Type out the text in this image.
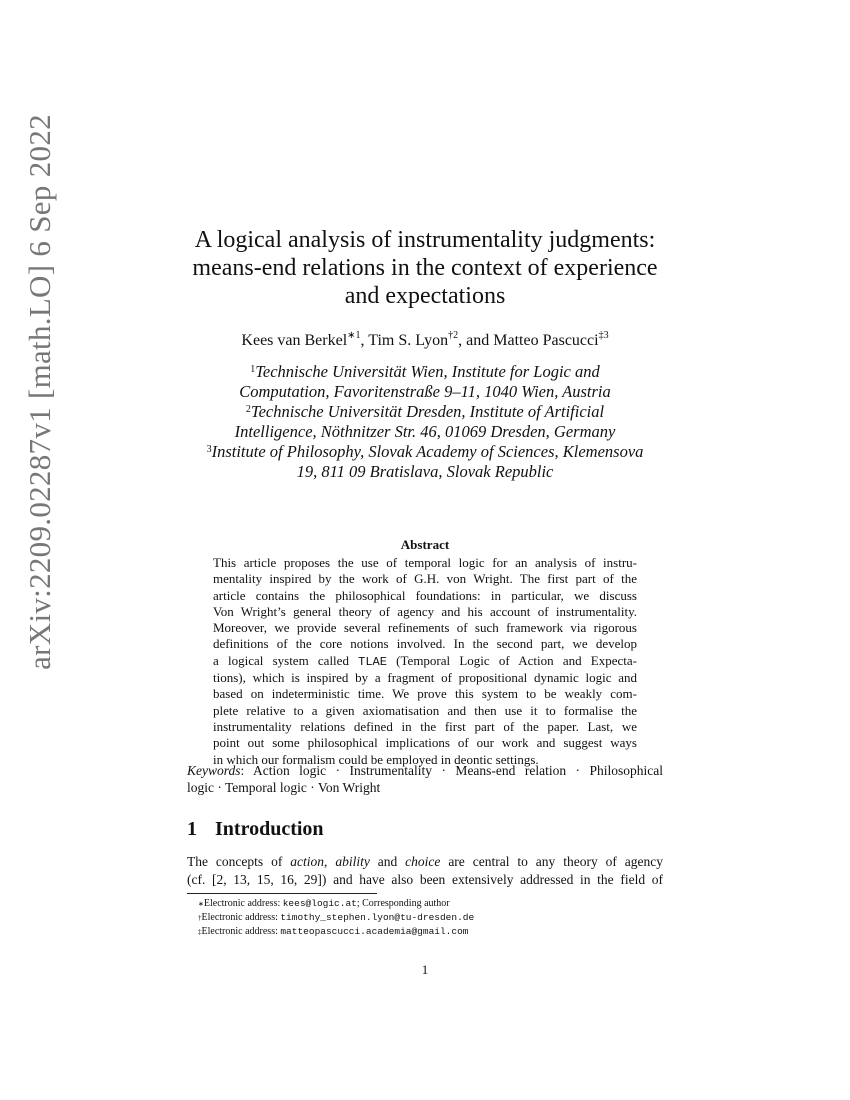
arXiv:2209.02287v1 [math.LO] 6 Sep 2022	A logical analysis of instrumentality judgments:
means-end relations in the context of experience
and expectations
Kees van Berkel$^{∗1}$, Tim S. Lyon$^{\dagger 2}$, and Matteo Pascucci$^{\ddagger 3}$
$^1$Technische Universität Wien, Institute for Logic and
Computation, Favoritenstraße 9–11, 1040 Wien, Austria
$^2$Technische Universität Dresden, Institute of Artificial
Intelligence, Nöthnitzer Str. 46, 01069 Dresden, Germany
$^3$Institute of Philosophy, Slovak Academy of Sciences, Klemensova
19, 811 09 Bratislava, Slovak Republic
Abstract
This article proposes the use of temporal logic for an analysis of instru-
mentality inspired by the work of G.H. von Wright. The first part of the
article contains the philosophical foundations: in particular, we discuss
Von Wright’s general theory of agency and his account of instrumentality.
Moreover, we provide several refinements of such framework via rigorous
definitions of the core notions involved. In the second part, we develop
a logical system called TLAE (Temporal Logic of Action and Expecta-
tions), which is inspired by a fragment of propositional dynamic logic and
based on indeterministic time. We prove this system to be weakly com-
plete relative to a given axiomatisation and then use it to formalise the
instrumentality relations defined in the first part of the paper. Last, we
point out some philosophical implications of our work and suggest ways
in which our formalism could be employed in deontic settings.
Keywords: Action logic · Instrumentality · Means-end relation · Philosophical
logic · Temporal logic · Von Wright
1 Introduction
The concepts of action, ability and choice are central to any theory of agency
(cf. [2, 13, 15, 16, 29]) and have also been extensively addressed in the field of
∗Electronic address: kees@logic.at; Corresponding author
†Electronic address: timothy_stephen.lyon@tu-dresden.de
‡Electronic address: matteopascucci.academia@gmail.com
1
